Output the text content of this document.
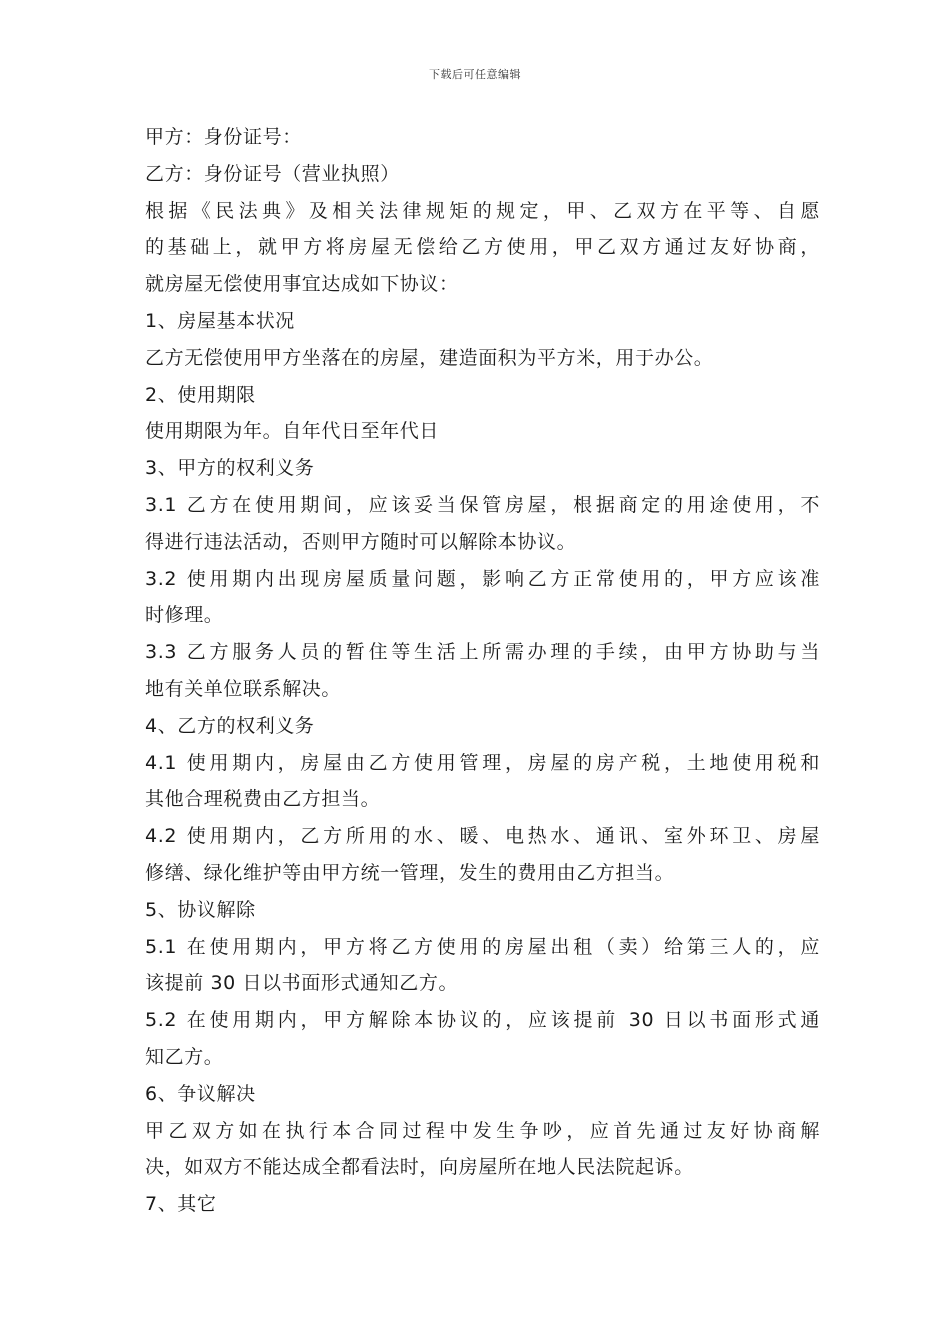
下载后可任意编辑
甲方：身份证号：
乙方：身份证号（营业执照）
根据《民法典》及相关法律规矩的规定，甲、乙双方在平等、自愿
的基础上，就甲方将房屋无偿给乙方使用，甲乙双方通过友好协商，
就房屋无偿使用事宜达成如下协议：
1、房屋基本状况
乙方无偿使用甲方坐落在的房屋，建造面积为平方米，用于办公。
2、使用期限
使用期限为年。自年代日至年代日
3、甲方的权利义务
3.1 乙方在使用期间，应该妥当保管房屋，根据商定的用途使用，不
得进行违法活动，否则甲方随时可以解除本协议。
3.2 使用期内出现房屋质量问题，影响乙方正常使用的，甲方应该准
时修理。
3.3 乙方服务人员的暂住等生活上所需办理的手续，由甲方协助与当
地有关单位联系解决。
4、乙方的权利义务
4.1 使用期内，房屋由乙方使用管理，房屋的房产税，土地使用税和
其他合理税费由乙方担当。
4.2 使用期内，乙方所用的水、暖、电热水、通讯、室外环卫、房屋
修缮、绿化维护等由甲方统一管理，发生的费用由乙方担当。
5、协议解除
5.1 在使用期内，甲方将乙方使用的房屋出租（卖）给第三人的，应
该提前 30 日以书面形式通知乙方。
5.2 在使用期内，甲方解除本协议的，应该提前 30 日以书面形式通
知乙方。
6、争议解决
甲乙双方如在执行本合同过程中发生争吵，应首先通过友好协商解
决，如双方不能达成全都看法时，向房屋所在地人民法院起诉。
7、其它
